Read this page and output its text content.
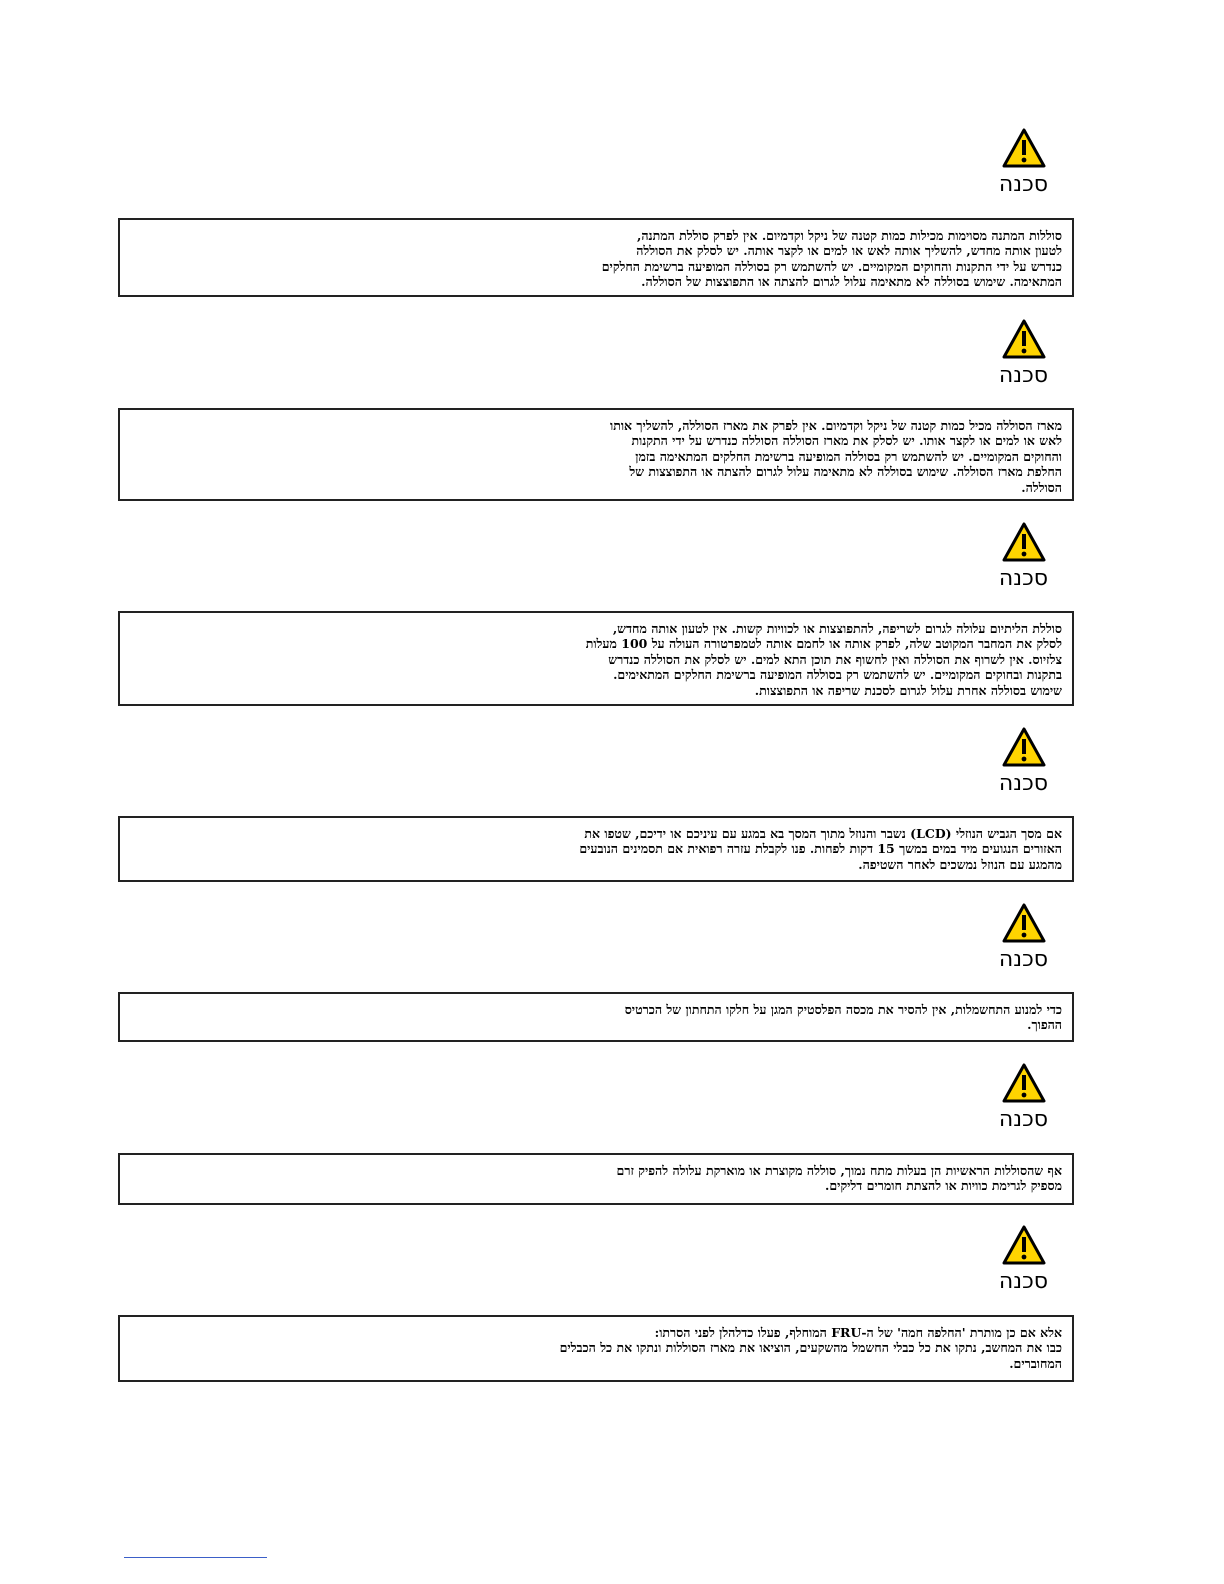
סכנה

סוללות המתנה מסוימות מכילות כמות קטנה של ניקל וקדמיום. אין לפרק סוללת המתנה,
לטעון אותה מחדש, להשליך אותה לאש או למים או לקצר אותה. יש לסלק את הסוללה
כנדרש על ידי התקנות והחוקים המקומיים. יש להשתמש רק בסוללה המופיעה ברשימת החלקים
המתאימה. שימוש בסוללה לא מתאימה עלול לגרום להצתה או התפוצצות של הסוללה.

סכנה

מארז הסוללה מכיל כמות קטנה של ניקל וקדמיום. אין לפרק את מארז הסוללה, להשליך אותו
לאש או למים או לקצר אותו. יש לסלק את מארז הסוללה הסוללה כנדרש על ידי התקנות
והחוקים המקומיים. יש להשתמש רק בסוללה המופיעה ברשימת החלקים המתאימה בזמן
החלפת מארז הסוללה. שימוש בסוללה לא מתאימה עלול לגרום להצתה או התפוצצות של
הסוללה.

סכנה

סוללת הליתיום עלולה לגרום לשריפה, להתפוצצות או לכוויות קשות. אין לטעון אותה מחדש,
לסלק את המחבר המקוטב שלה, לפרק אותה או לחמם אותה לטמפרטורה העולה על 100 מעלות
צלזיוס. אין לשרוף את הסוללה ואין לחשוף את תוכן התא למים. יש לסלק את הסוללה כנדרש
בתקנות ובחוקים המקומיים. יש להשתמש רק בסוללה המופיעה ברשימת החלקים המתאימים.
שימוש בסוללה אחרת עלול לגרום לסכנת שריפה או התפוצצות.

סכנה

אם מסך הגביש הנוזלי (LCD) נשבר והנוזל מתוך המסך בא במגע עם עיניכם או ידיכם, שטפו את
האזורים הנגועים מיד במים במשך 15 דקות לפחות. פנו לקבלת עזרה רפואית אם תסמינים הנובעים
מהמגע עם הנוזל נמשכים לאחר השטיפה.

סכנה

כדי למנוע התחשמלות, אין להסיר את מכסה הפלסטיק המגן על חלקו התחתון של הכרטיס
ההפוך.

סכנה

אף שהסוללות הראשיות הן בעלות מתח נמוך, סוללה מקוצרת או מוארקת עלולה להפיק זרם
מספיק לגרימת כוויות או להצתת חומרים דליקים.

סכנה

אלא אם כן מותרת 'החלפה חמה' של ה-FRU המוחלף, פעלו כדלהלן לפני הסרתו:
כבו את המחשב, נתקו את כל כבלי החשמל מהשקעים, הוציאו את מארז הסוללות ונתקו את כל הכבלים
המחוברים.
